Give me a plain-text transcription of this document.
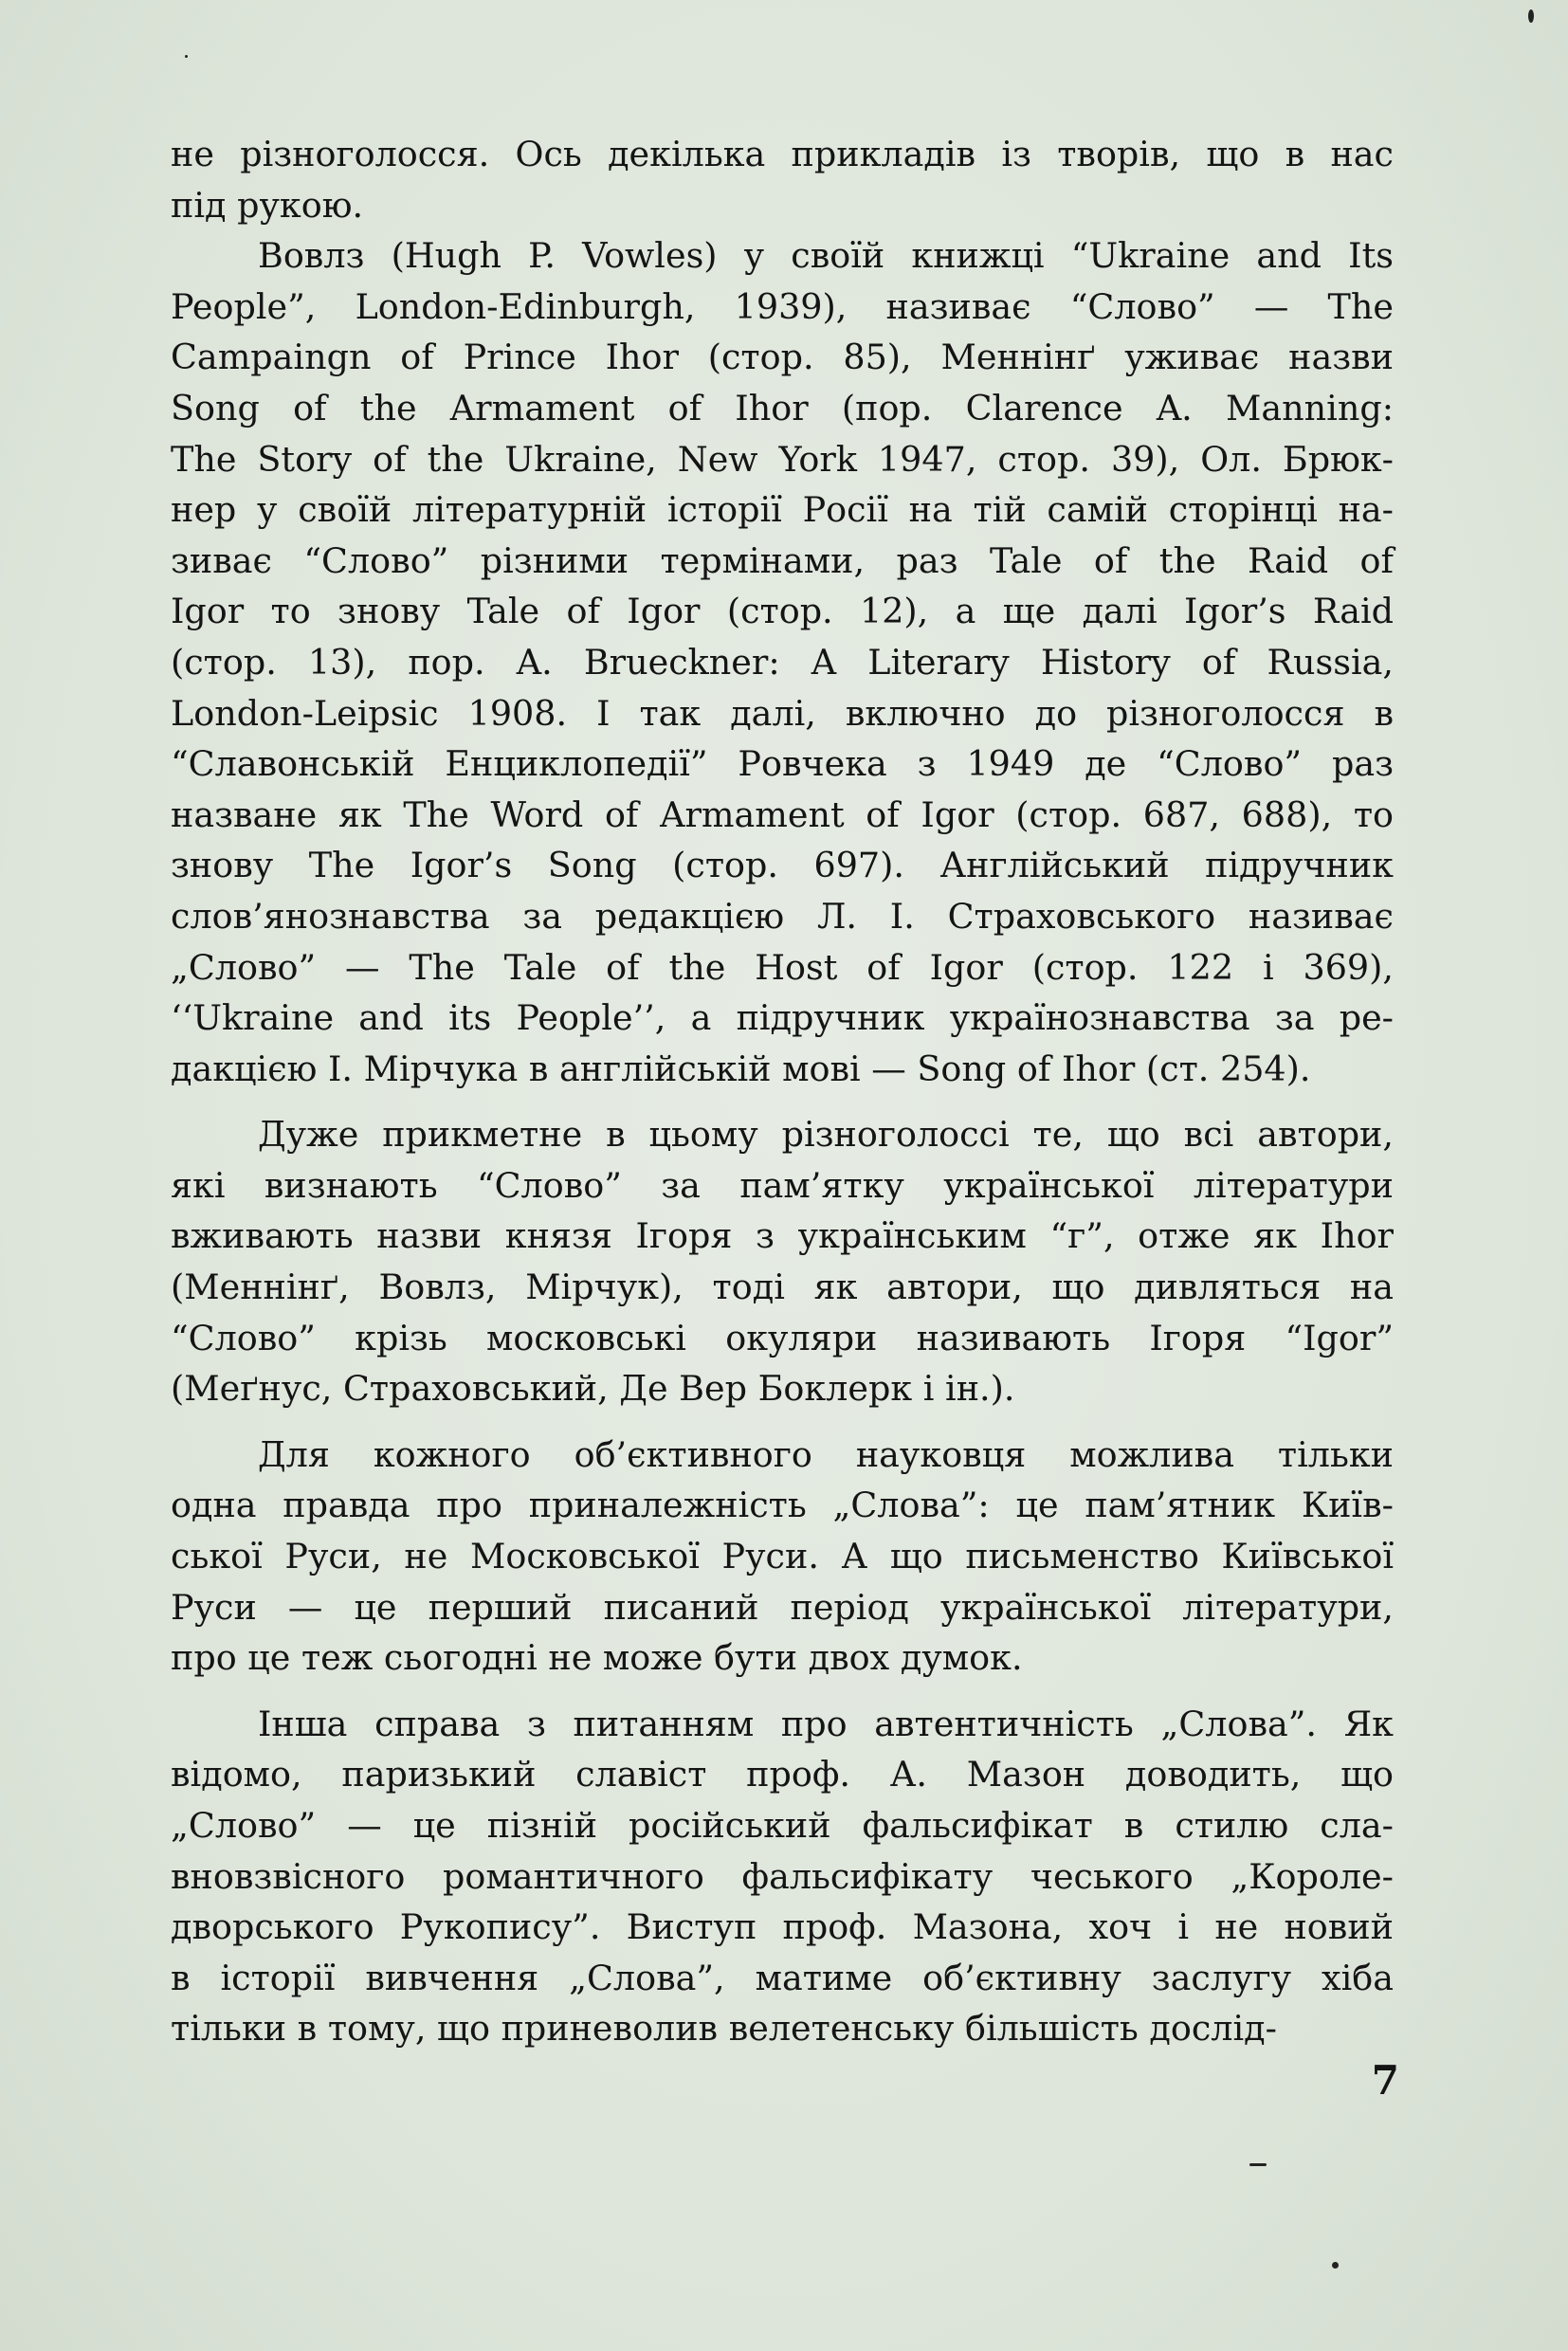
не різноголосся. Ось декілька прикладів із творів, що в нас
під рукою.
Вовлз (Hugh P. Vowles) у своїй книжці “Ukraine and Its
People”, London-Edinburgh, 1939), називає “Слово” — The
Campaingn of Prince Ihor (стор. 85), Меннінґ уживає назви
Song of the Armament of Ihor (пор. Clarence A. Manning:
The Story of the Ukraine, New York 1947, стор. 39), Ол. Брюк-
нер у своїй літературній історії Росії на тій самій сторінці на-
зиває “Слово” різними термінами, раз Tale of the Raid of
Igor то знову Tale of Igor (стор. 12), а ще далі Igor’s Raid
(стор. 13), пор. A. Brueckner: A Literary History of Russia,
London-Leipsic 1908. І так далі, включно до різноголосся в
“Славонській Енциклопедії” Ровчека з 1949 де “Слово” раз
назване як The Word of Armament of Igor (стор. 687, 688), то
знову The Igor’s Song (стор. 697). Англійський підручник
слов’янознавства за редакцією Л. І. Страховського називає
„Слово” — The Tale of the Host of Igor (стор. 122 і 369),
‘‘Ukraine and its People’’, а підручник українознавства за ре-
дакцією І. Мірчука в англійській мові — Song of Ihor (ст. 254).
Дуже прикметне в цьому різноголоссі те, що всі автори,
які визнають “Слово” за пам’ятку української літератури
вживають назви князя Ігоря з українським “г”, отже як Ihor
(Меннінґ, Вовлз, Мірчук), тоді як автори, що дивляться на
“Слово” крізь московські окуляри називають Ігоря “Igor”
(Меґнус, Страховський, Де Вер Боклерк і ін.).
Для кожного об’єктивного науковця можлива тільки
одна правда про приналежність „Слова”: це пам’ятник Київ-
ської Руси, не Московської Руси. А що письменство Київської
Руси — це перший писаний період української літератури,
про це теж сьогодні не може бути двох думок.
Інша справа з питанням про автентичність „Слова”. Як
відомо, паризький славіст проф. А. Мазон доводить, що
„Слово” — це пізній російський фальсифікат в стилю сла-
вновзвісного романтичного фальсифікату чеського „Короле-
дворського Рукопису”. Виступ проф. Мазона, хоч і не новий
в історії вивчення „Слова”, матиме об’єктивну заслугу хіба
тільки в тому, що приневолив велетенську більшість дослід-
7
